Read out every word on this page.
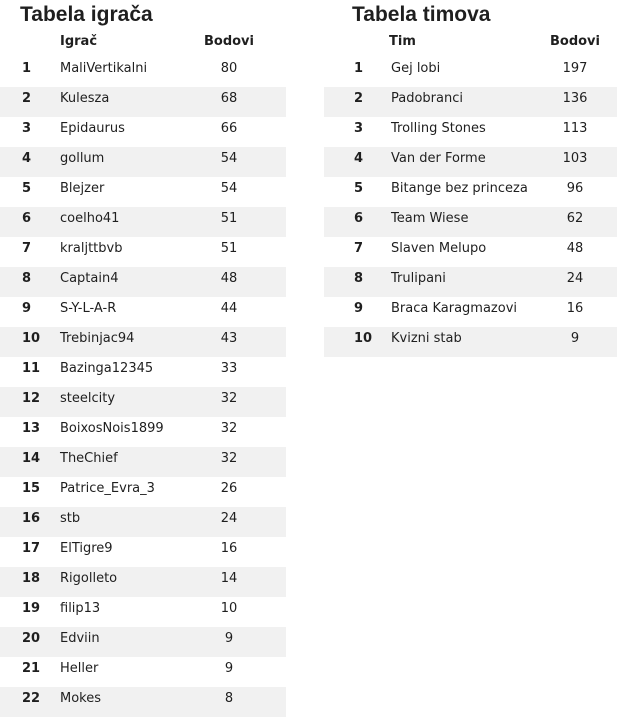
Tabela igrača
Igrač	Bodovi
1 MaliVertikalni	80
2 Kulesza	68
3 Epidaurus	66
4 gollum	54
5 Blejzer	54
6 coelho41	51
7 kraljttbvb	51
8 Captain4	48
9 S-Y-L-A-R	44
10 Trebinjac94	43
11 Bazinga12345	33
12 steelcity	32
13 BoixosNois1899	32
14 TheChief	32
15 Patrice_Evra_3	26
16 stb	24
17 ElTigre9	16
18 Rigolleto	14
19 filip13	10
20 Edviin	9
21 Heller	9
22 Mokes	8
Tabela timova
Tim	Bodovi
1 Gej lobi	197
2 Padobranci	136
3 Trolling Stones	113
4 Van der Forme	103
5 Bitange bez princeza	96
6 Team Wiese	62
7 Slaven Melupo	48
8 Trulipani	24
9 Braca Karagmazovi	16
10 Kvizni stab	9
